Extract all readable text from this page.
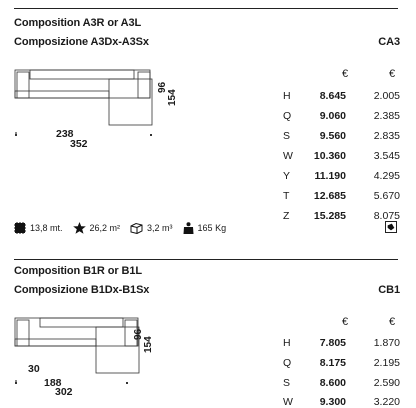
Composition A3R or A3L
Composizione A3Dx-A3Sx	CA3
96
154
238
352
€	€
H	8.645	2.005
Q	9.060	2.385
S	9.560	2.835
W	10.360	3.545
Y	11.190	4.295
T	12.685	5.670
Z	15.285	8.075
13,8 mt.	26,2 m²	3,2 m³	165 Kg
Composition B1R or B1L
Composizione B1Dx-B1Sx	CB1
96
154
30
188
302
€	€
H	7.805	1.870
Q	8.175	2.195
S	8.600	2.590
W	9.300	3.220
